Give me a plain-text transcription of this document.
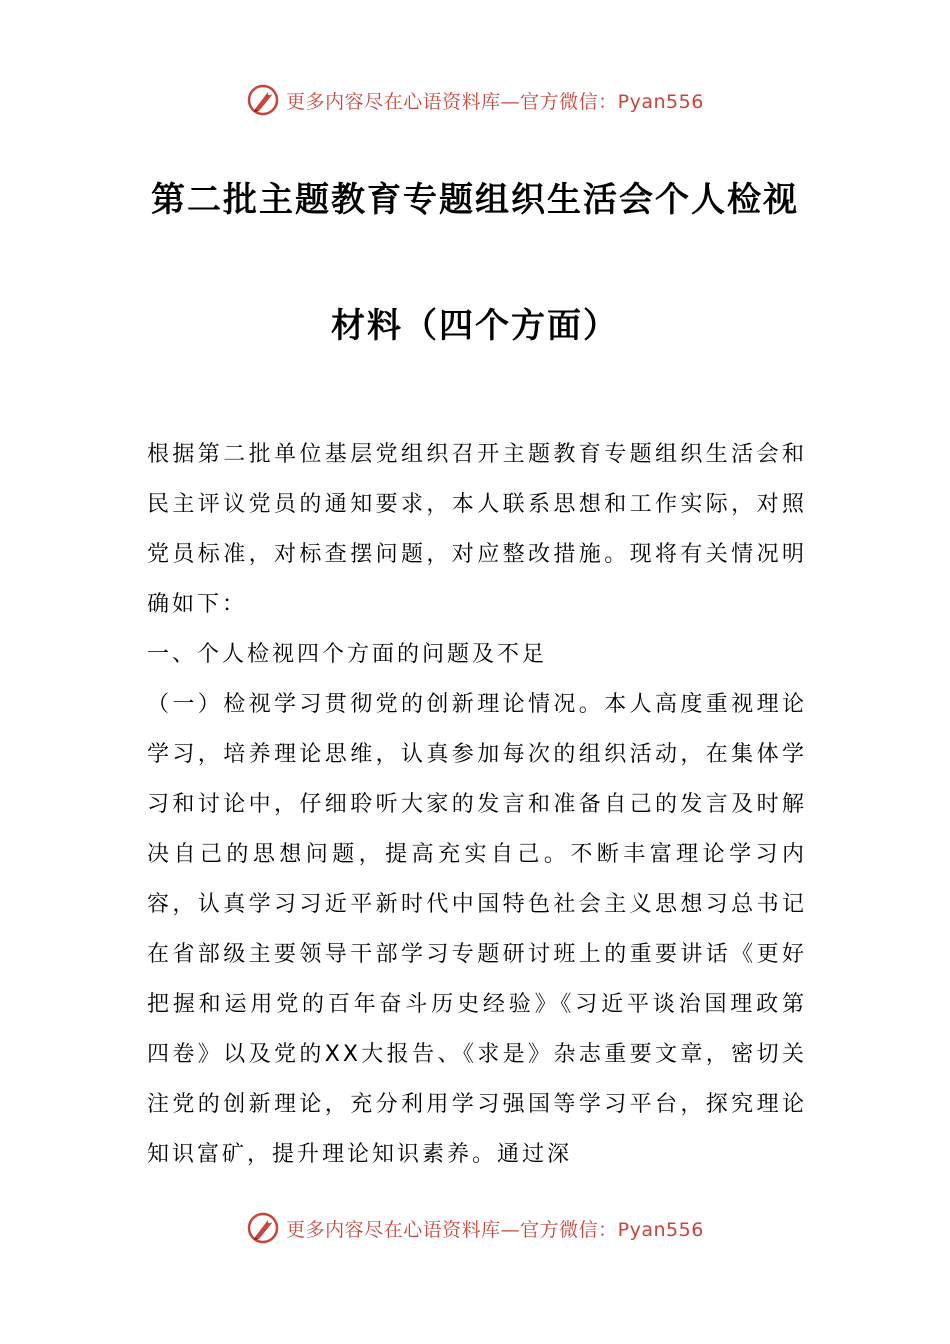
更多内容尽在心语资料库—官方微信：Pyan556
第二批主题教育专题组织生活会个人检视
材料（四个方面）

根据第二批单位基层党组织召开主题教育专题组织生活会和民主评议党员的通知要求，本人联系思想和工作实际，对照党员标准，对标查摆问题，对应整改措施。现将有关情况明确如下：

一、个人检视四个方面的问题及不足

（一）检视学习贯彻党的创新理论情况。本人高度重视理论学习，培养理论思维，认真参加每次的组织活动，在集体学习和讨论中，仔细聆听大家的发言和准备自己的发言及时解决自己的思想问题，提高充实自己。不断丰富理论学习内容，认真学习习近平新时代中国特色社会主义思想习总书记在省部级主要领导干部学习专题研讨班上的重要讲话《更好把握和运用党的百年奋斗历史经验》《习近平谈治国理政第四卷》以及党的XX大报告、《求是》杂志重要文章，密切关注党的创新理论，充分利用学习强国等学习平台，探究理论知识富矿，提升理论知识素养。通过深

更多内容尽在心语资料库—官方微信：Pyan556
